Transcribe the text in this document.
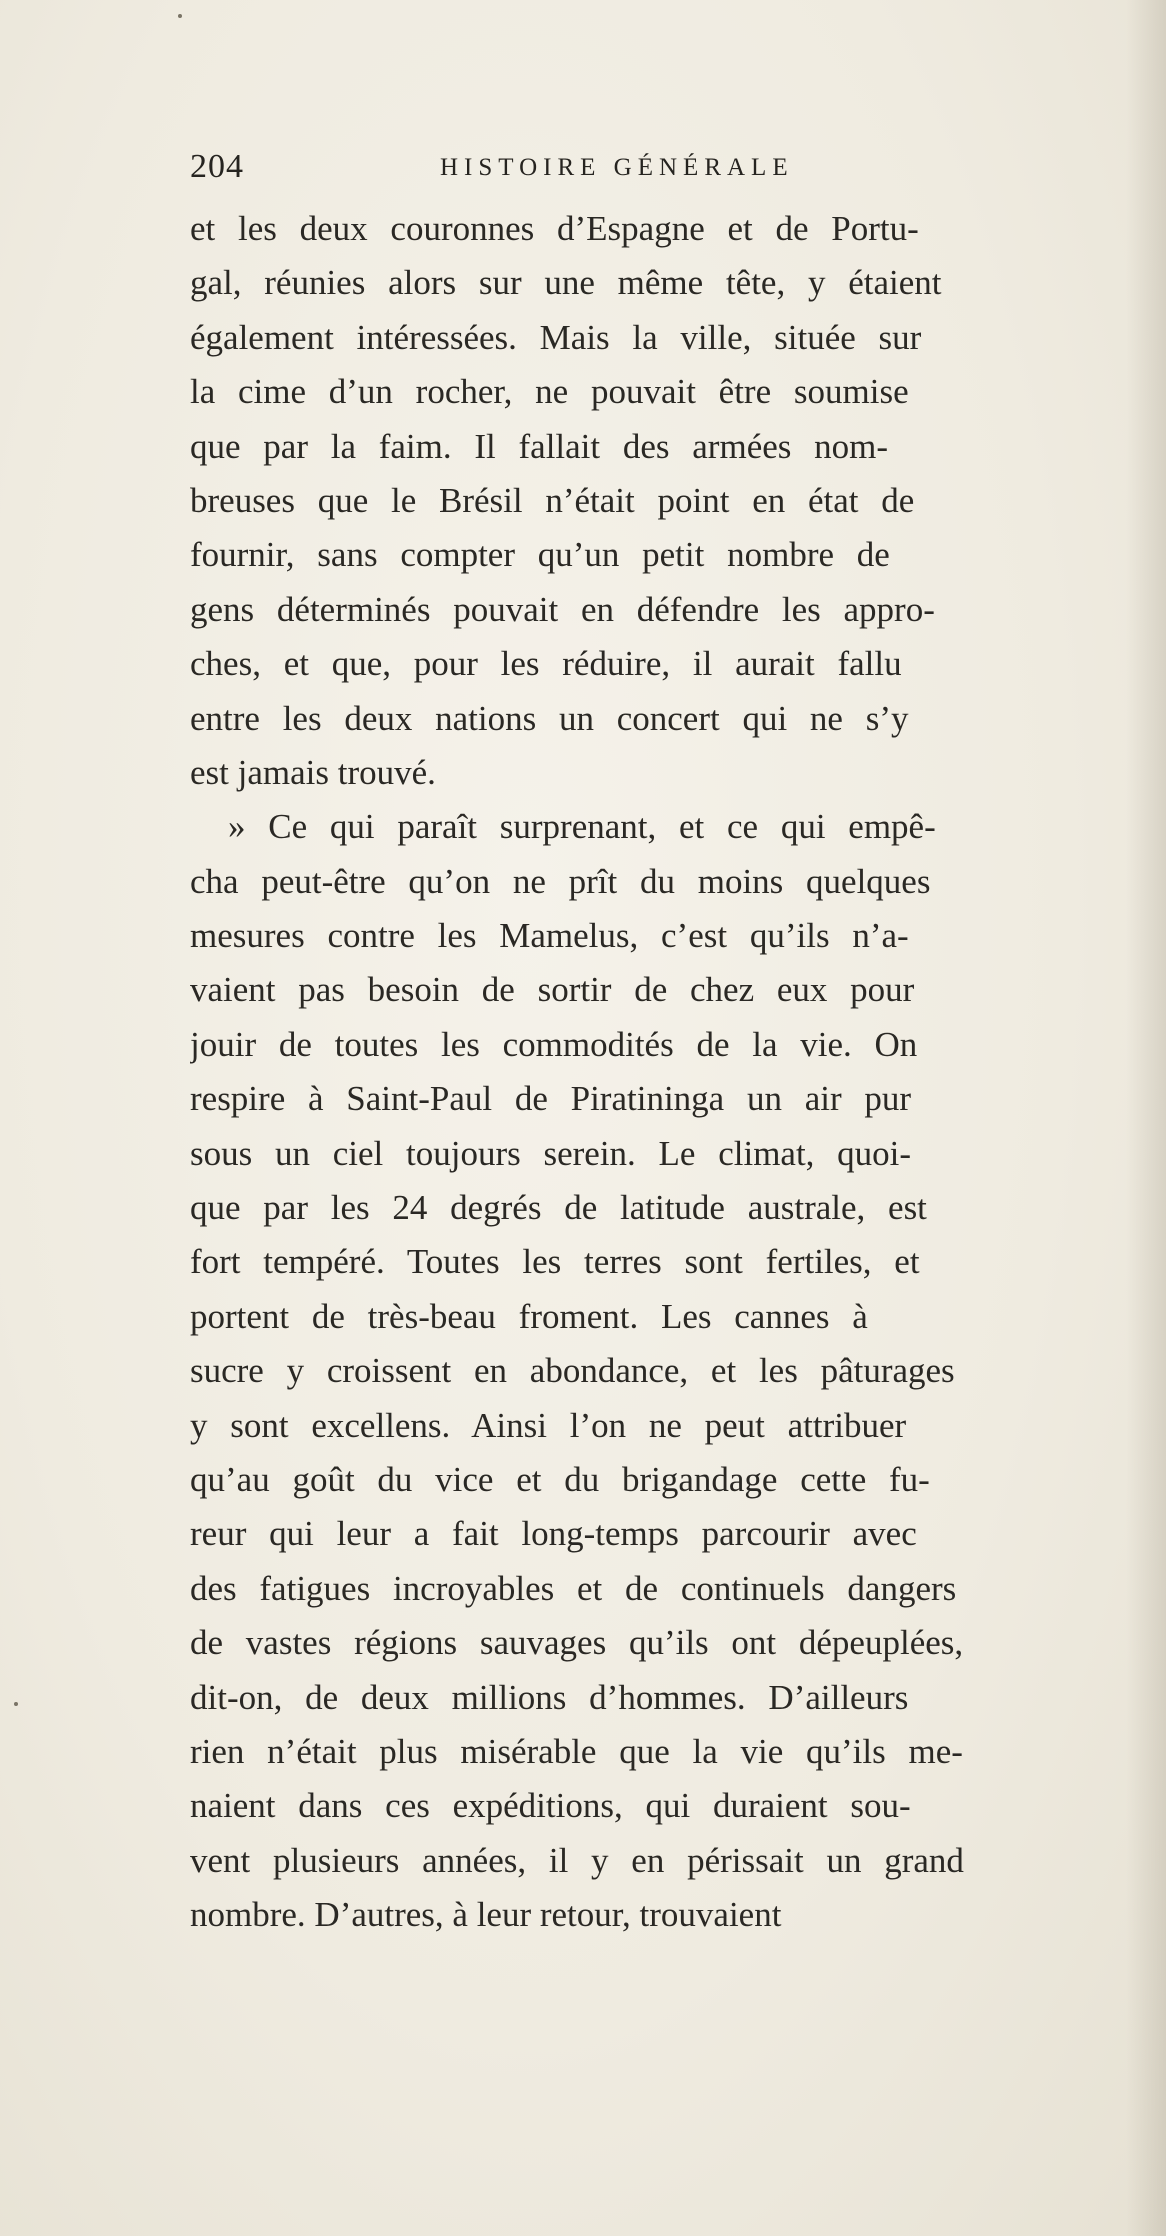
204	HISTOIRE GÉNÉRALE
et les deux couronnes d’Espagne et de Portu-
gal, réunies alors sur une même tête, y étaient
également intéressées. Mais la ville, située sur
la cime d’un rocher, ne pouvait être soumise
que par la faim. Il fallait des armées nom-
breuses que le Brésil n’était point en état de
fournir, sans compter qu’un petit nombre de
gens déterminés pouvait en défendre les appro-
ches, et que, pour les réduire, il aurait fallu
entre les deux nations un concert qui ne s’y
est jamais trouvé.
» Ce qui paraît surprenant, et ce qui empê-
cha peut-être qu’on ne prît du moins quelques
mesures contre les Mamelus, c’est qu’ils n’a-
vaient pas besoin de sortir de chez eux pour
jouir de toutes les commodités de la vie. On
respire à Saint-Paul de Piratininga un air pur
sous un ciel toujours serein. Le climat, quoi-
que par les 24 degrés de latitude australe, est
fort tempéré. Toutes les terres sont fertiles, et
portent de très-beau froment. Les cannes à
sucre y croissent en abondance, et les pâturages
y sont excellens. Ainsi l’on ne peut attribuer
qu’au goût du vice et du brigandage cette fu-
reur qui leur a fait long-temps parcourir avec
des fatigues incroyables et de continuels dangers
de vastes régions sauvages qu’ils ont dépeuplées,
dit-on, de deux millions d’hommes. D’ailleurs
rien n’était plus misérable que la vie qu’ils me-
naient dans ces expéditions, qui duraient sou-
vent plusieurs années, il y en périssait un grand
nombre. D’autres, à leur retour, trouvaient
